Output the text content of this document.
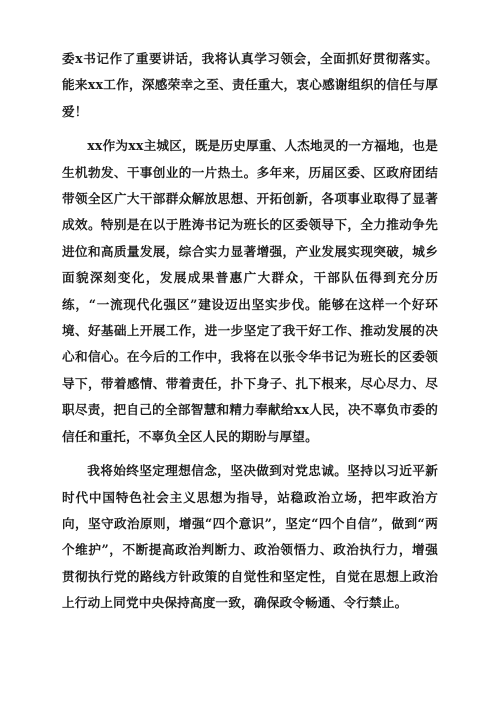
委x书记作了重要讲话，我将认真学习领会，全面抓好贯彻落实。能来xx工作，深感荣幸之至、责任重大，衷心感谢组织的信任与厚爱！

xx作为xx主城区，既是历史厚重、人杰地灵的一方福地，也是生机勃发、干事创业的一片热土。多年来，历届区委、区政府团结带领全区广大干部群众解放思想、开拓创新，各项事业取得了显著成效。特别是在以于胜涛书记为班长的区委领导下，全力推动争先进位和高质量发展，综合实力显著增强，产业发展实现突破，城乡面貌深刻变化，发展成果普惠广大群众，干部队伍得到充分历练，“一流现代化强区”建设迈出坚实步伐。能够在这样一个好环境、好基础上开展工作，进一步坚定了我干好工作、推动发展的决心和信心。在今后的工作中，我将在以张令华书记为班长的区委领导下，带着感情、带着责任，扑下身子、扎下根来，尽心尽力、尽职尽责，把自己的全部智慧和精力奉献给xx人民，决不辜负市委的信任和重托，不辜负全区人民的期盼与厚望。

我将始终坚定理想信念，坚决做到对党忠诚。坚持以习近平新时代中国特色社会主义思想为指导，站稳政治立场，把牢政治方向，坚守政治原则，增强“四个意识”，坚定“四个自信”，做到“两个维护”，不断提高政治判断力、政治领悟力、政治执行力，增强贯彻执行党的路线方针政策的自觉性和坚定性，自觉在思想上政治上行动上同党中央保持高度一致，确保政令畅通、令行禁止。
